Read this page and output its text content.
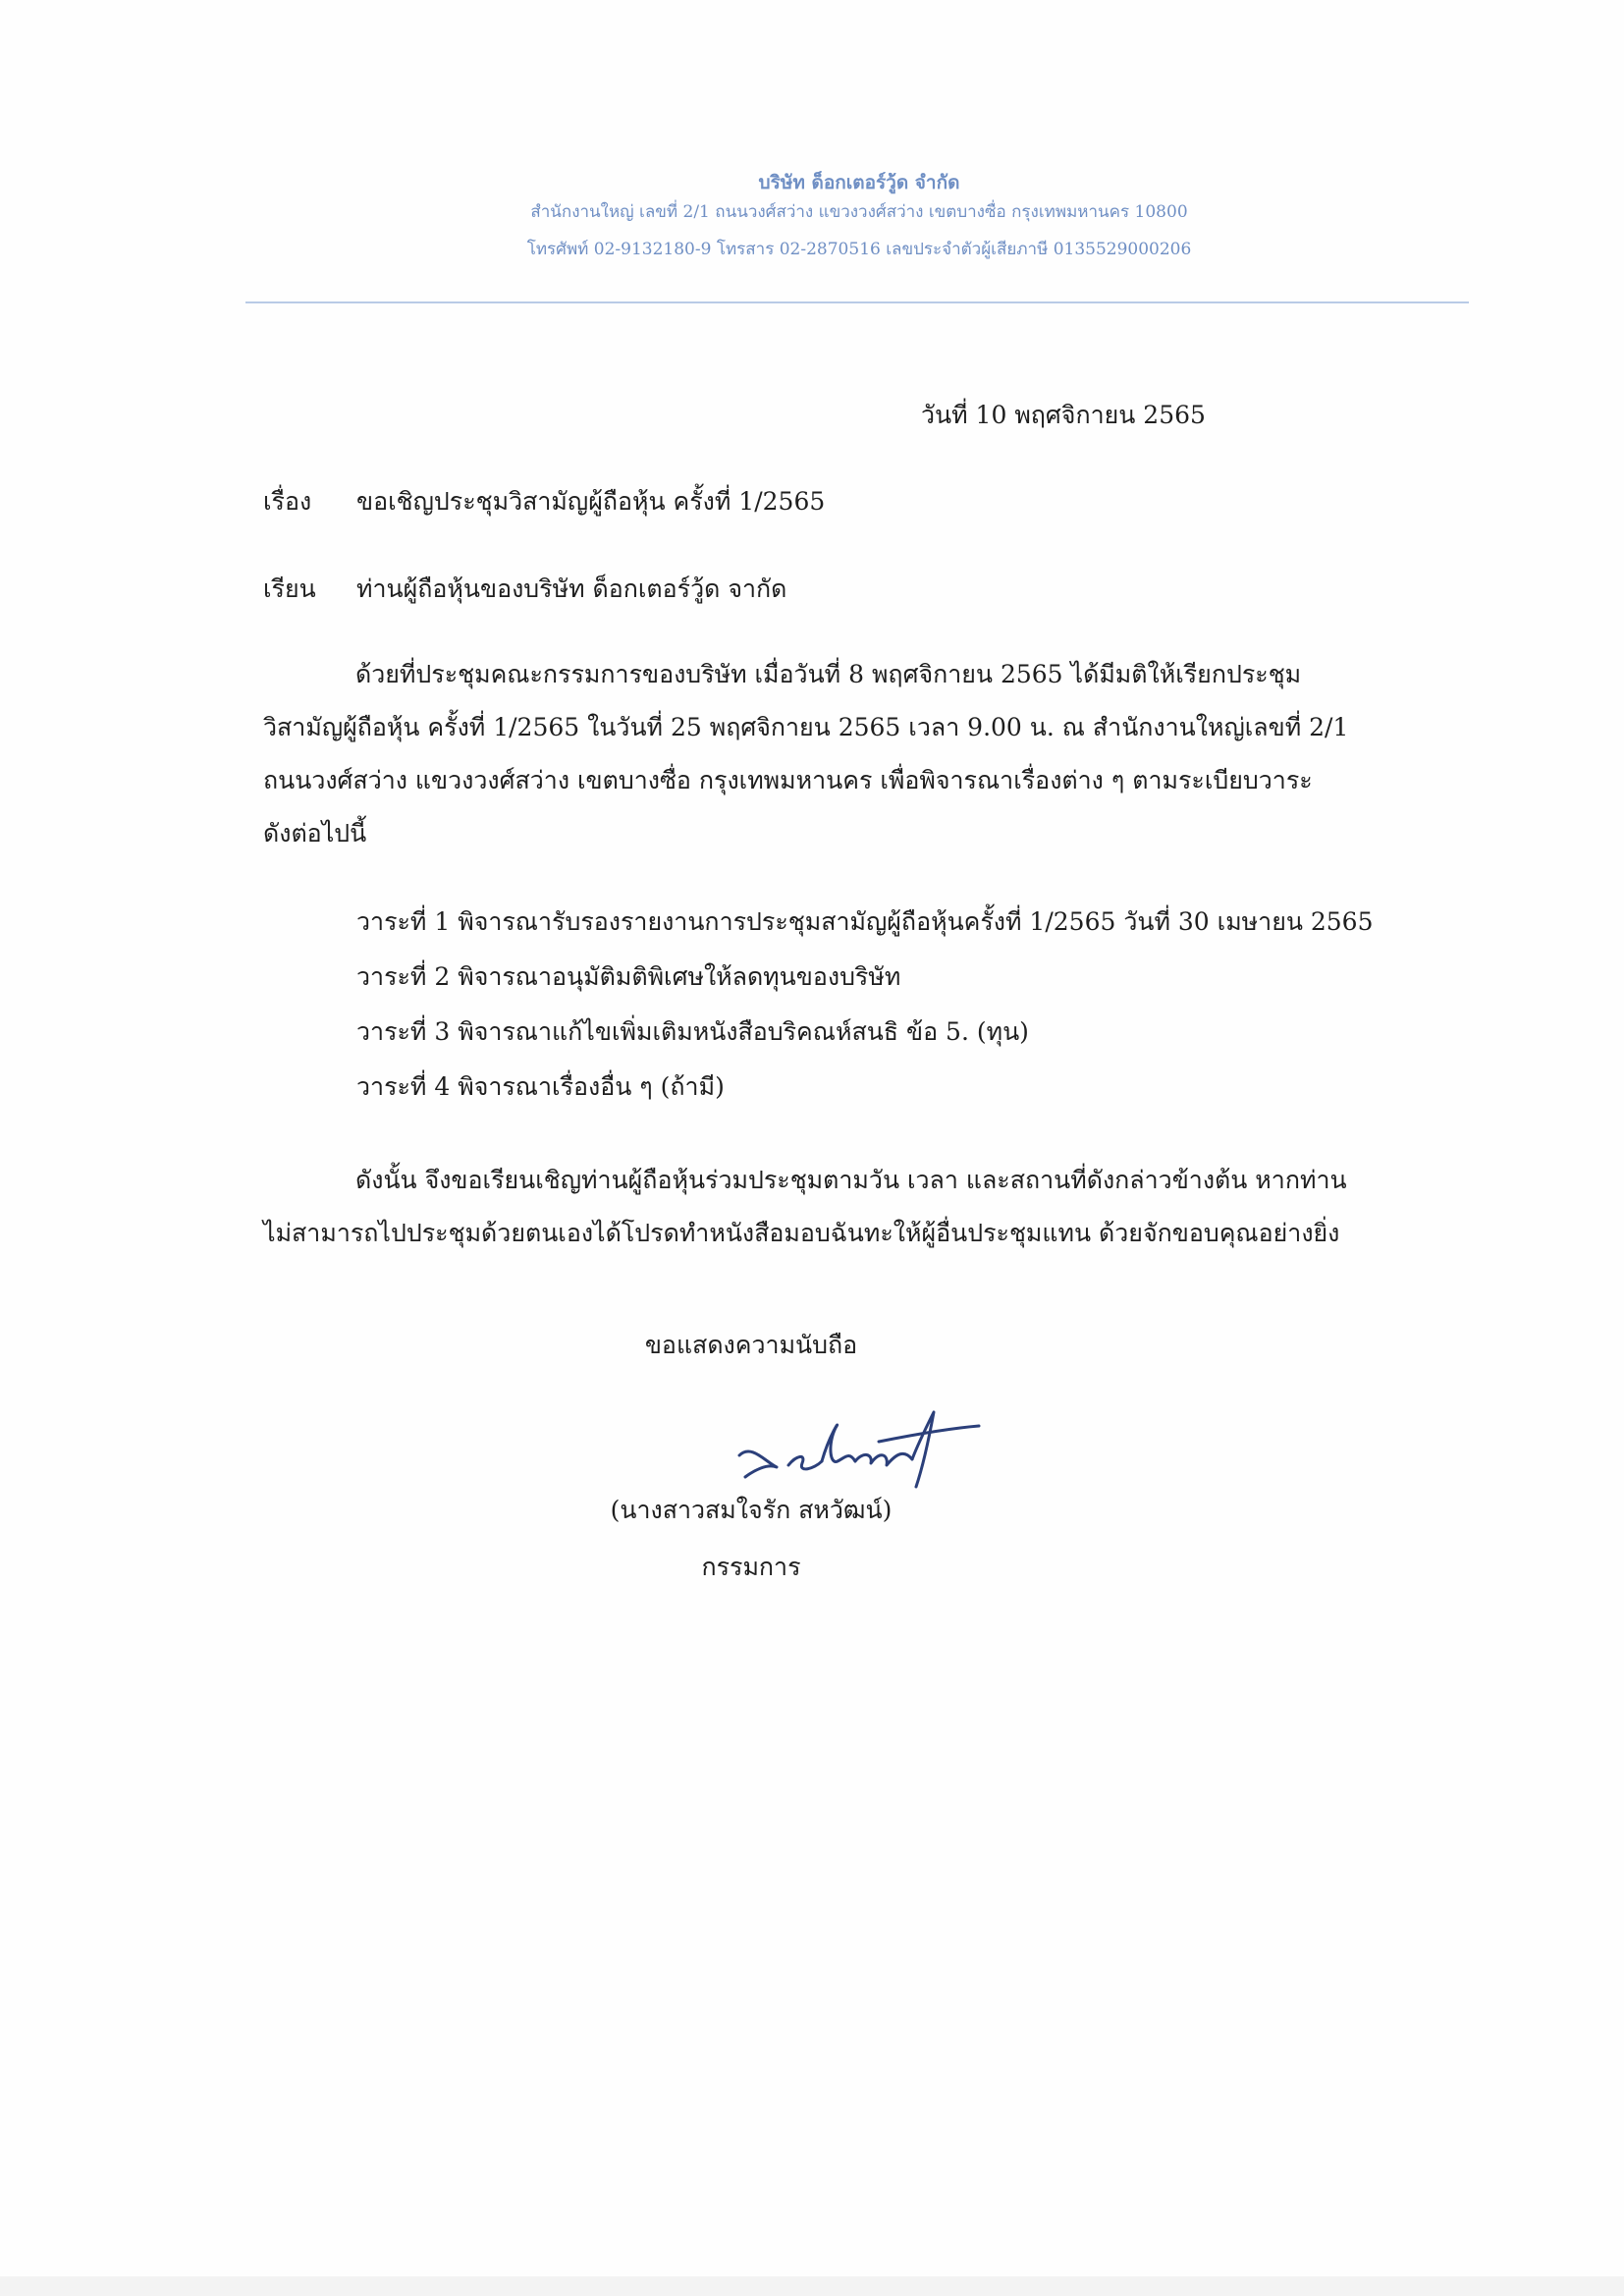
บริษัท ด็อกเตอร์วู้ด จำกัด
สำนักงานใหญ่ เลขที่ 2/1 ถนนวงศ์สว่าง แขวงวงศ์สว่าง เขตบางซื่อ กรุงเทพมหานคร 10800
โทรศัพท์ 02-9132180-9 โทรสาร 02-2870516 เลขประจำตัวผู้เสียภาษี 0135529000206
วันที่ 10 พฤศจิกายน 2565
เรื่อง ขอเชิญประชุมวิสามัญผู้ถือหุ้น ครั้งที่ 1/2565
เรียน ท่านผู้ถือหุ้นของบริษัท ด็อกเตอร์วู้ด จากัด
ด้วยที่ประชุมคณะกรรมการของบริษัท เมื่อวันที่ 8 พฤศจิกายน 2565 ได้มีมติให้เรียกประชุม
วิสามัญผู้ถือหุ้น ครั้งที่ 1/2565 ในวันที่ 25 พฤศจิกายน 2565 เวลา 9.00 น. ณ สำนักงานใหญ่เลขที่ 2/1
ถนนวงศ์สว่าง แขวงวงศ์สว่าง เขตบางซื่อ กรุงเทพมหานคร เพื่อพิจารณาเรื่องต่าง ๆ ตามระเบียบวาระ
ดังต่อไปนี้
วาระที่ 1 พิจารณารับรองรายงานการประชุมสามัญผู้ถือหุ้นครั้งที่ 1/2565 วันที่ 30 เมษายน 2565
วาระที่ 2 พิจารณาอนุมัติมติพิเศษให้ลดทุนของบริษัท
วาระที่ 3 พิจารณาแก้ไขเพิ่มเติมหนังสือบริคณห์สนธิ ข้อ 5. (ทุน)
วาระที่ 4 พิจารณาเรื่องอื่น ๆ (ถ้ามี)
ดังนั้น จึงขอเรียนเชิญท่านผู้ถือหุ้นร่วมประชุมตามวัน เวลา และสถานที่ดังกล่าวข้างต้น หากท่าน
ไม่สามารถไปประชุมด้วยตนเองได้โปรดทำหนังสือมอบฉันทะให้ผู้อื่นประชุมแทน ด้วยจักขอบคุณอย่างยิ่ง
ขอแสดงความนับถือ
(นางสาวสมใจรัก สหวัฒน์)
กรรมการ
